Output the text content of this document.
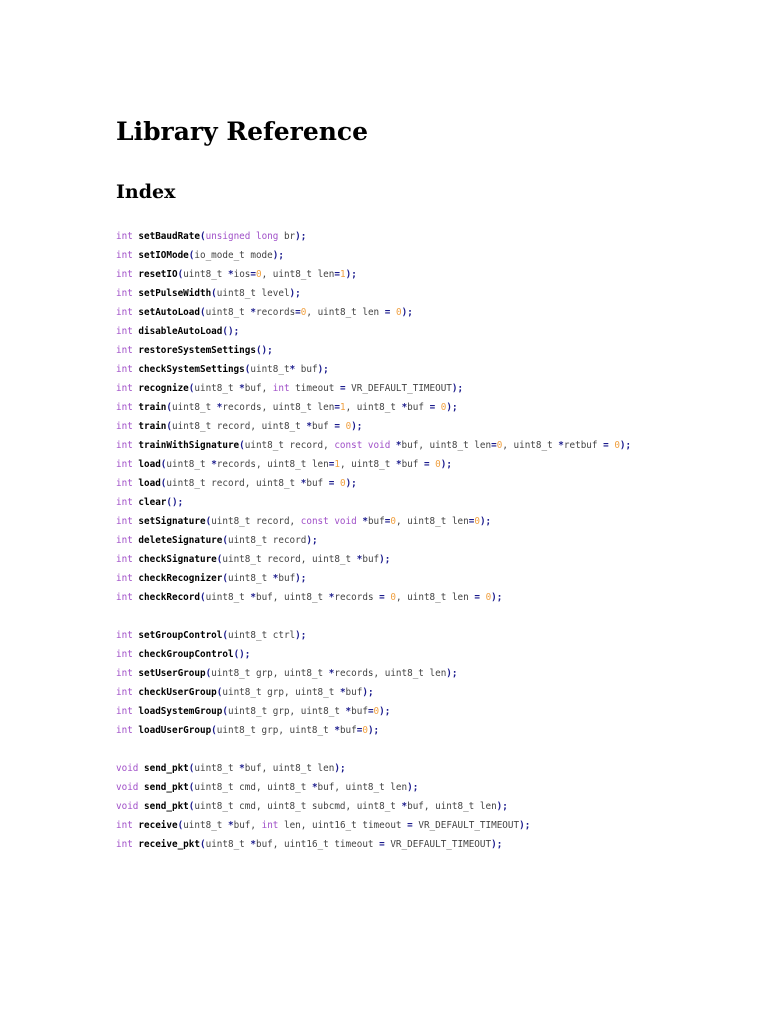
Library Reference
Index
int setBaudRate(unsigned long br);
int setIOMode(io_mode_t mode);
int resetIO(uint8_t *ios=0, uint8_t len=1);
int setPulseWidth(uint8_t level);
int setAutoLoad(uint8_t *records=0, uint8_t len = 0);
int disableAutoLoad();
int restoreSystemSettings();
int checkSystemSettings(uint8_t* buf);
int recognize(uint8_t *buf, int timeout = VR_DEFAULT_TIMEOUT);
int train(uint8_t *records, uint8_t len=1, uint8_t *buf = 0);
int train(uint8_t record, uint8_t *buf = 0);
int trainWithSignature(uint8_t record, const void *buf, uint8_t len=0, uint8_t *retbuf = 0);
int load(uint8_t *records, uint8_t len=1, uint8_t *buf = 0);
int load(uint8_t record, uint8_t *buf = 0);
int clear();
int setSignature(uint8_t record, const void *buf=0, uint8_t len=0);
int deleteSignature(uint8_t record);
int checkSignature(uint8_t record, uint8_t *buf);
int checkRecognizer(uint8_t *buf);
int checkRecord(uint8_t *buf, uint8_t *records = 0, uint8_t len = 0);
int setGroupControl(uint8_t ctrl);
int checkGroupControl();
int setUserGroup(uint8_t grp, uint8_t *records, uint8_t len);
int checkUserGroup(uint8_t grp, uint8_t *buf);
int loadSystemGroup(uint8_t grp, uint8_t *buf=0);
int loadUserGroup(uint8_t grp, uint8_t *buf=0);
void send_pkt(uint8_t *buf, uint8_t len);
void send_pkt(uint8_t cmd, uint8_t *buf, uint8_t len);
void send_pkt(uint8_t cmd, uint8_t subcmd, uint8_t *buf, uint8_t len);
int receive(uint8_t *buf, int len, uint16_t timeout = VR_DEFAULT_TIMEOUT);
int receive_pkt(uint8_t *buf, uint16_t timeout = VR_DEFAULT_TIMEOUT);
